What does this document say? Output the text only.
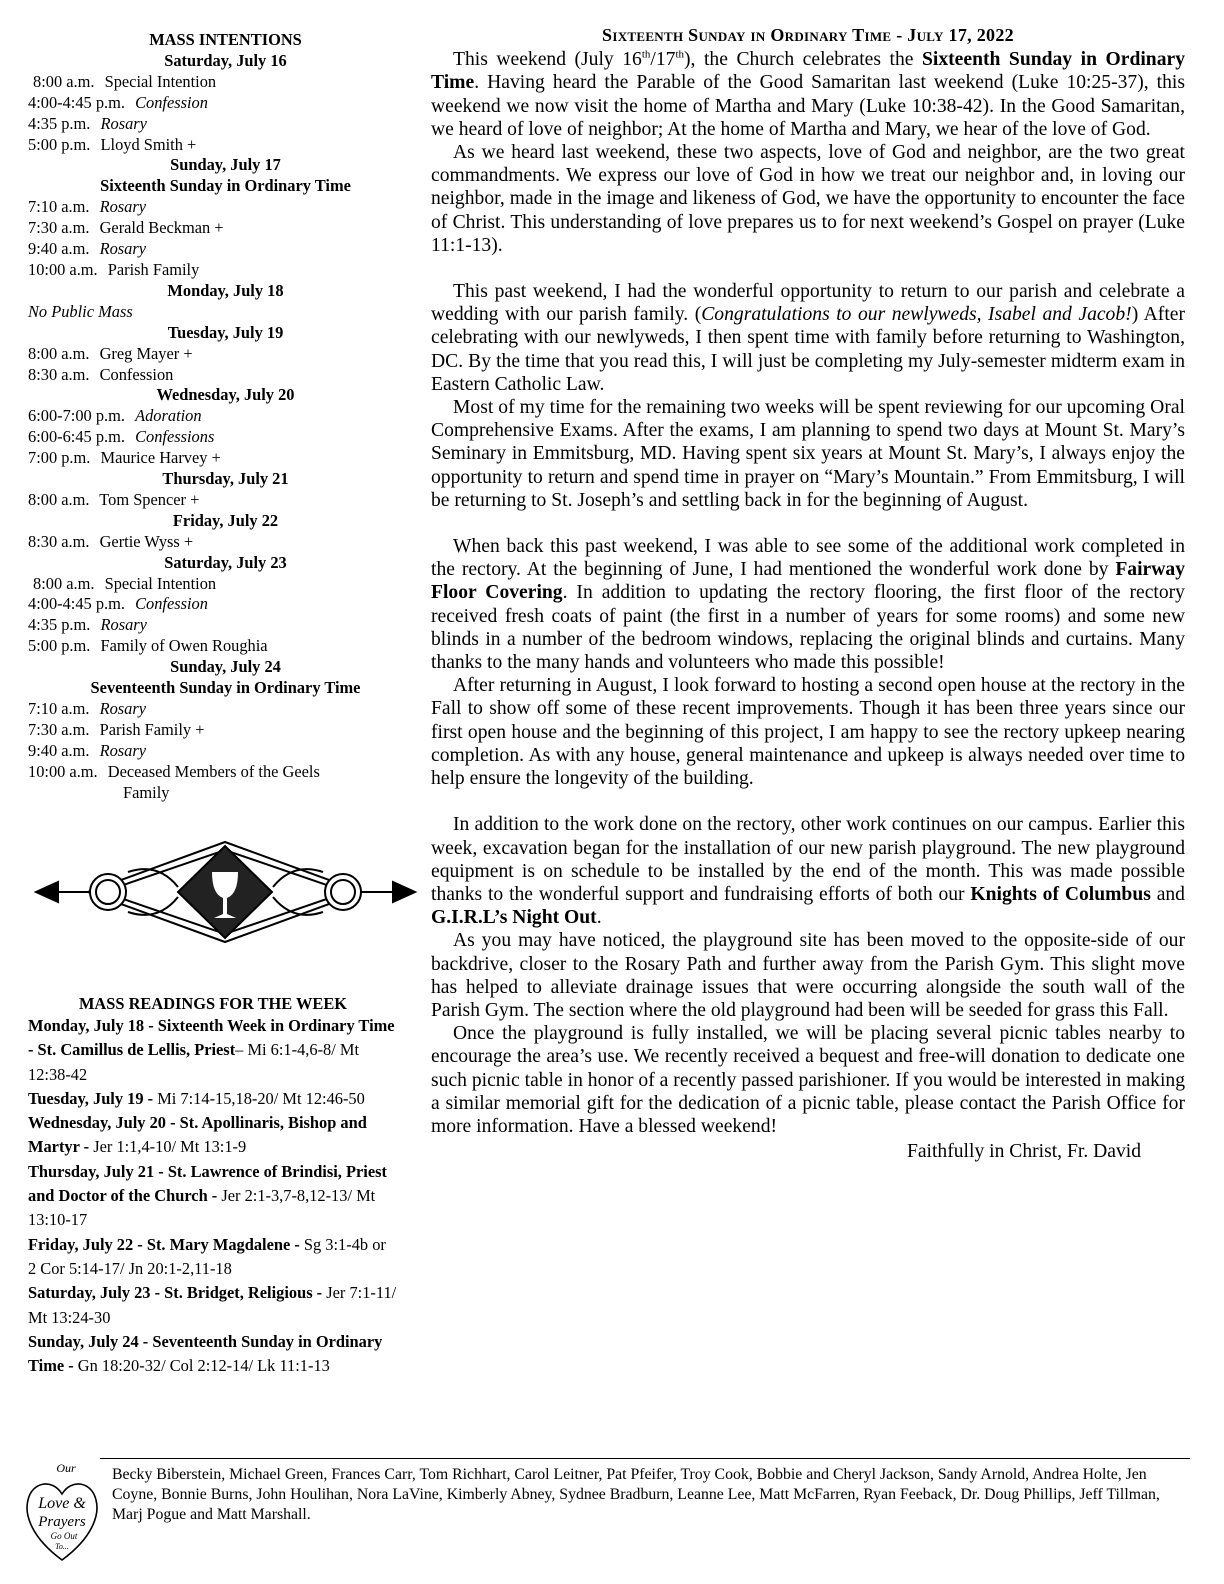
MASS INTENTIONS
Saturday, July 16
8:00 a.m. Special Intention
4:00-4:45 p.m. Confession
4:35 p.m. Rosary
5:00 p.m. Lloyd Smith +
Sunday, July 17
Sixteenth Sunday in Ordinary Time
7:10 a.m. Rosary
7:30 a.m. Gerald Beckman +
9:40 a.m. Rosary
10:00 a.m. Parish Family
Monday, July 18
No Public Mass
Tuesday, July 19
8:00 a.m. Greg Mayer +
8:30 a.m. Confession
Wednesday, July 20
6:00-7:00 p.m. Adoration
6:00-6:45 p.m. Confessions
7:00 p.m. Maurice Harvey +
Thursday, July 21
8:00 a.m. Tom Spencer +
Friday, July 22
8:30 a.m. Gertie Wyss +
Saturday, July 23
8:00 a.m. Special Intention
4:00-4:45 p.m. Confession
4:35 p.m. Rosary
5:00 p.m. Family of Owen Roughia
Sunday, July 24
Seventeenth Sunday in Ordinary Time
7:10 a.m. Rosary
7:30 a.m. Parish Family +
9:40 a.m. Rosary
10:00 a.m. Deceased Members of the Geels
Family
MASS READINGS FOR THE WEEK
Monday, July 18 - Sixteenth Week in Ordinary Time - St. Camillus de Lellis, Priest– Mi 6:1-4,6-8/ Mt 12:38-42
Tuesday, July 19 - Mi 7:14-15,18-20/ Mt 12:46-50
Wednesday, July 20 - St. Apollinaris, Bishop and Martyr - Jer 1:1,4-10/ Mt 13:1-9
Thursday, July 21 - St. Lawrence of Brindisi, Priest and Doctor of the Church - Jer 2:1-3,7-8,12-13/ Mt 13:10-17
Friday, July 22 - St. Mary Magdalene - Sg 3:1-4b or 2 Cor 5:14-17/ Jn 20:1-2,11-18
Saturday, July 23 - St. Bridget, Religious - Jer 7:1-11/ Mt 13:24-30
Sunday, July 24 - Seventeenth Sunday in Ordinary Time - Gn 18:20-32/ Col 2:12-14/ Lk 11:1-13
Sixteenth Sunday in Ordinary Time - July 17, 2022

This weekend (July 16th/17th), the Church celebrates the Sixteenth Sunday in Ordinary Time. Having heard the Parable of the Good Samaritan last weekend (Luke 10:25-37), this weekend we now visit the home of Martha and Mary (Luke 10:38-42). In the Good Samaritan, we heard of love of neighbor; At the home of Martha and Mary, we hear of the love of God.

As we heard last weekend, these two aspects, love of God and neighbor, are the two great commandments. We express our love of God in how we treat our neighbor and, in loving our neighbor, made in the image and likeness of God, we have the opportunity to encounter the face of Christ. This understanding of love prepares us to for next weekend’s Gospel on prayer (Luke 11:1-13).

This past weekend, I had the wonderful opportunity to return to our parish and celebrate a wedding with our parish family. (Congratulations to our newlyweds, Isabel and Jacob!) After celebrating with our newlyweds, I then spent time with family before returning to Washington, DC. By the time that you read this, I will just be completing my July-semester midterm exam in Eastern Catholic Law.

Most of my time for the remaining two weeks will be spent reviewing for our upcoming Oral Comprehensive Exams. After the exams, I am planning to spend two days at Mount St. Mary’s Seminary in Emmitsburg, MD. Having spent six years at Mount St. Mary’s, I always enjoy the opportunity to return and spend time in prayer on “Mary’s Mountain.” From Emmitsburg, I will be returning to St. Joseph’s and settling back in for the beginning of August.

When back this past weekend, I was able to see some of the additional work completed in the rectory. At the beginning of June, I had mentioned the wonderful work done by Fairway Floor Covering. In addition to updating the rectory flooring, the first floor of the rectory received fresh coats of paint (the first in a number of years for some rooms) and some new blinds in a number of the bedroom windows, replacing the original blinds and curtains. Many thanks to the many hands and volunteers who made this possible!

After returning in August, I look forward to hosting a second open house at the rectory in the Fall to show off some of these recent improvements. Though it has been three years since our first open house and the beginning of this project, I am happy to see the rectory upkeep nearing completion. As with any house, general maintenance and upkeep is always needed over time to help ensure the longevity of the building.

In addition to the work done on the rectory, other work continues on our campus. Earlier this week, excavation began for the installation of our new parish playground. The new playground equipment is on schedule to be installed by the end of the month. This was made possible thanks to the wonderful support and fundraising efforts of both our Knights of Columbus and G.I.R.L’s Night Out.

As you may have noticed, the playground site has been moved to the opposite-side of our backdrive, closer to the Rosary Path and further away from the Parish Gym. This slight move has helped to alleviate drainage issues that were occurring alongside the south wall of the Parish Gym. The section where the old playground had been will be seeded for grass this Fall.

Once the playground is fully installed, we will be placing several picnic tables nearby to encourage the area’s use. We recently received a bequest and free-will donation to dedicate one such picnic table in honor of a recently passed parishioner. If you would be interested in making a similar memorial gift for the dedication of a picnic table, please contact the Parish Office for more information. Have a blessed weekend!

Faithfully in Christ, Fr. David
Our
Love &
Prayers
Go Out
To...
Becky Biberstein, Michael Green, Frances Carr, Tom Richhart, Carol Leitner, Pat Pfeifer, Troy Cook, Bobbie and Cheryl Jackson, Sandy Arnold, Andrea Holte, Jen Coyne, Bonnie Burns, John Houlihan, Nora LaVine, Kimberly Abney, Sydnee Bradburn, Leanne Lee, Matt McFarren, Ryan Feeback, Dr. Doug Phillips, Jeff Tillman, Marj Pogue and Matt Marshall.
